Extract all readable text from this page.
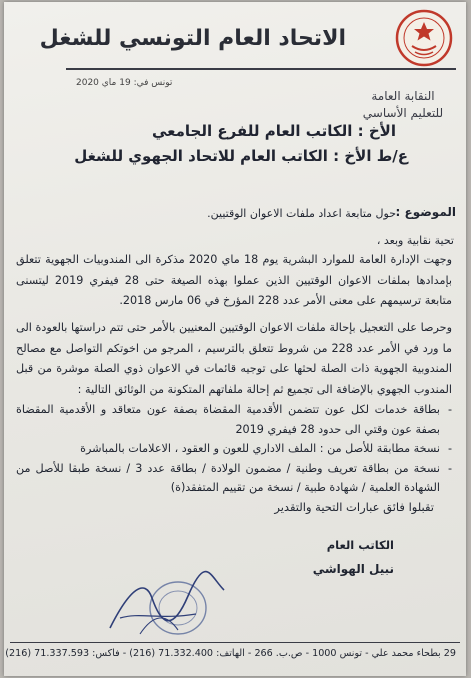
الاتحاد العام التونسي للشغل
النقابة العامة
للتعليم الأساسي
تونس في: 19 ماي 2020
الأخ : الكاتب العام للفرع الجامعي
ع/ط الأخ : الكاتب العام للاتحاد الجهوي للشغل
الموضوع :
حول متابعة اعداد ملفات الاعوان الوقتيين.
تحية نقابية وبعد ،

وجهت الإدارة العامة للموارد البشرية يوم 18 ماي 2020 مذكرة الى المندوبيات الجهوية تتعلق بإمدادها بملفات الاعوان الوقتيين الذين عملوا بهذه الصيغة حتى 28 فيفري 2019 ليتسنى متابعة ترسيمهم على معنى الأمر عدد 228 المؤرخ في 06 مارس 2018.

وحرصا على التعجيل بإحالة ملفات الاعوان الوقتيين المعنيين بالأمر حتى تتم دراستها بالعودة الى ما ورد في الأمر عدد 228 من شروط تتعلق بالترسيم ، المرجو من اخوتكم التواصل مع مصالح المندوبية الجهوية ذات الصلة لحثها على توجيه قائمات في الاعوان ذوي الصلة موشرة من قبل المندوب الجهوي بالإضافة الى تجميع ثم إحالة ملفاتهم المتكونة من الوثائق التالية :

- بطاقة خدمات لكل عون تتضمن الأقدمية المقضاة بصفة عون متعاقد و الأقدمية المقضاة بصفة عون وقتي الى حدود 28 فيفري 2019
- نسخة مطابقة للأصل من : الملف الاداري للعون و العقود ، الاعلامات بالمباشرة
- نسخة من بطاقة تعريف وطنية / مضمون الولادة / بطاقة عدد 3 / نسخة طبقا للأصل من الشهادة العلمية / شهادة طبية / نسخة من تقييم المتفقد(ة)
تقبلوا فائق عبارات التحية والتقدير
الكاتب العام
نبيل الهواشي
29 بطحاء محمد علي - تونس 1000 - ص.ب. 266 - الهاتف: 71.332.400 (216) - فاكس: 71.337.593 (216)
